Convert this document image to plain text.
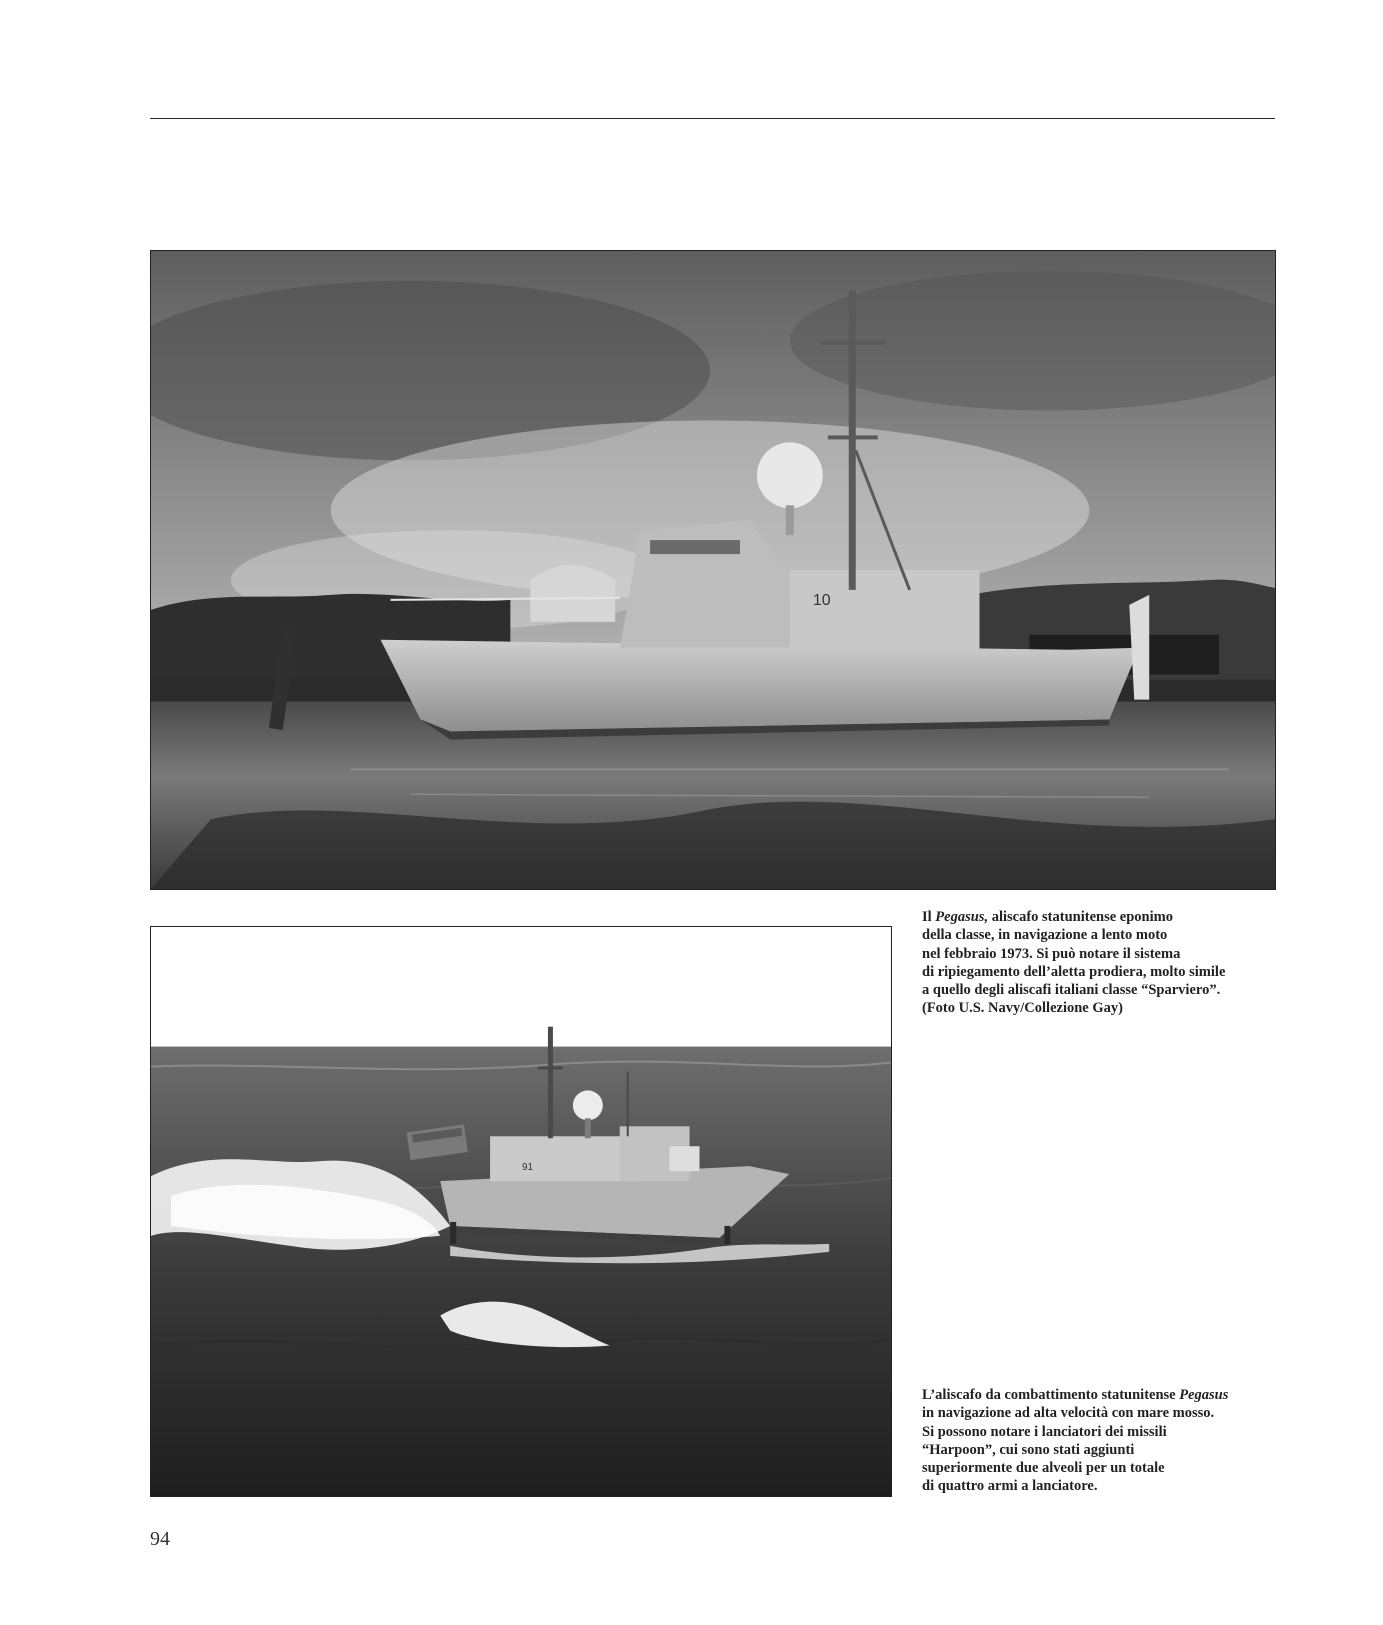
10
91

Il Pegasus, aliscafo statunitense eponimo
della classe, in navigazione a lento moto
nel febbraio 1973. Si può notare il sistema
di ripiegamento dell’aletta prodiera, molto simile
a quello degli aliscafi italiani classe “Sparviero”.
(Foto U.S. Navy/Collezione Gay)

L’aliscafo da combattimento statunitense Pegasus
in navigazione ad alta velocità con mare mosso.
Si possono notare i lanciatori dei missili
“Harpoon”, cui sono stati aggiunti
superiormente due alveoli per un totale
di quattro armi a lanciatore.

94
